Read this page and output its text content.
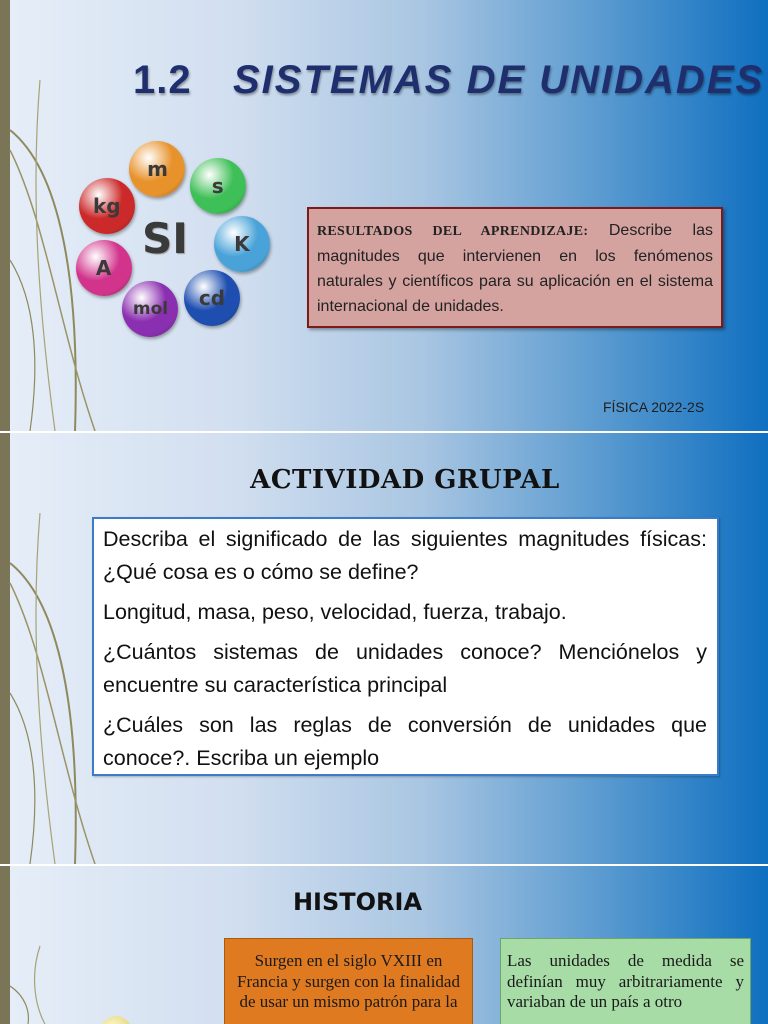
1.2 SISTEMAS DE UNIDADES
kg
A
mol cd
K
s
m
SI	RESULTADOS DEL APRENDIZAJE: Describe las magnitudes que intervienen en los fenómenos naturales y científicos para su aplicación en el sistema internacional de unidades.
FÍSICA 2022-2S
ACTIVIDAD GRUPAL

Describa el significado de las siguientes magnitudes físicas: ¿Qué cosa es o cómo se define?

Longitud, masa, peso, velocidad, fuerza, trabajo.

¿Cuántos sistemas de unidades conoce? Menciónelos y encuentre su característica principal

¿Cuáles son las reglas de conversión de unidades que conoce?. Escriba un ejemplo

HISTORIA
Surgen en el siglo VXIII en Francia y surgen con la finalidad de usar un mismo patrón para la
Las unidades de medida se definían muy arbitrariamente y variaban de un país a otro
